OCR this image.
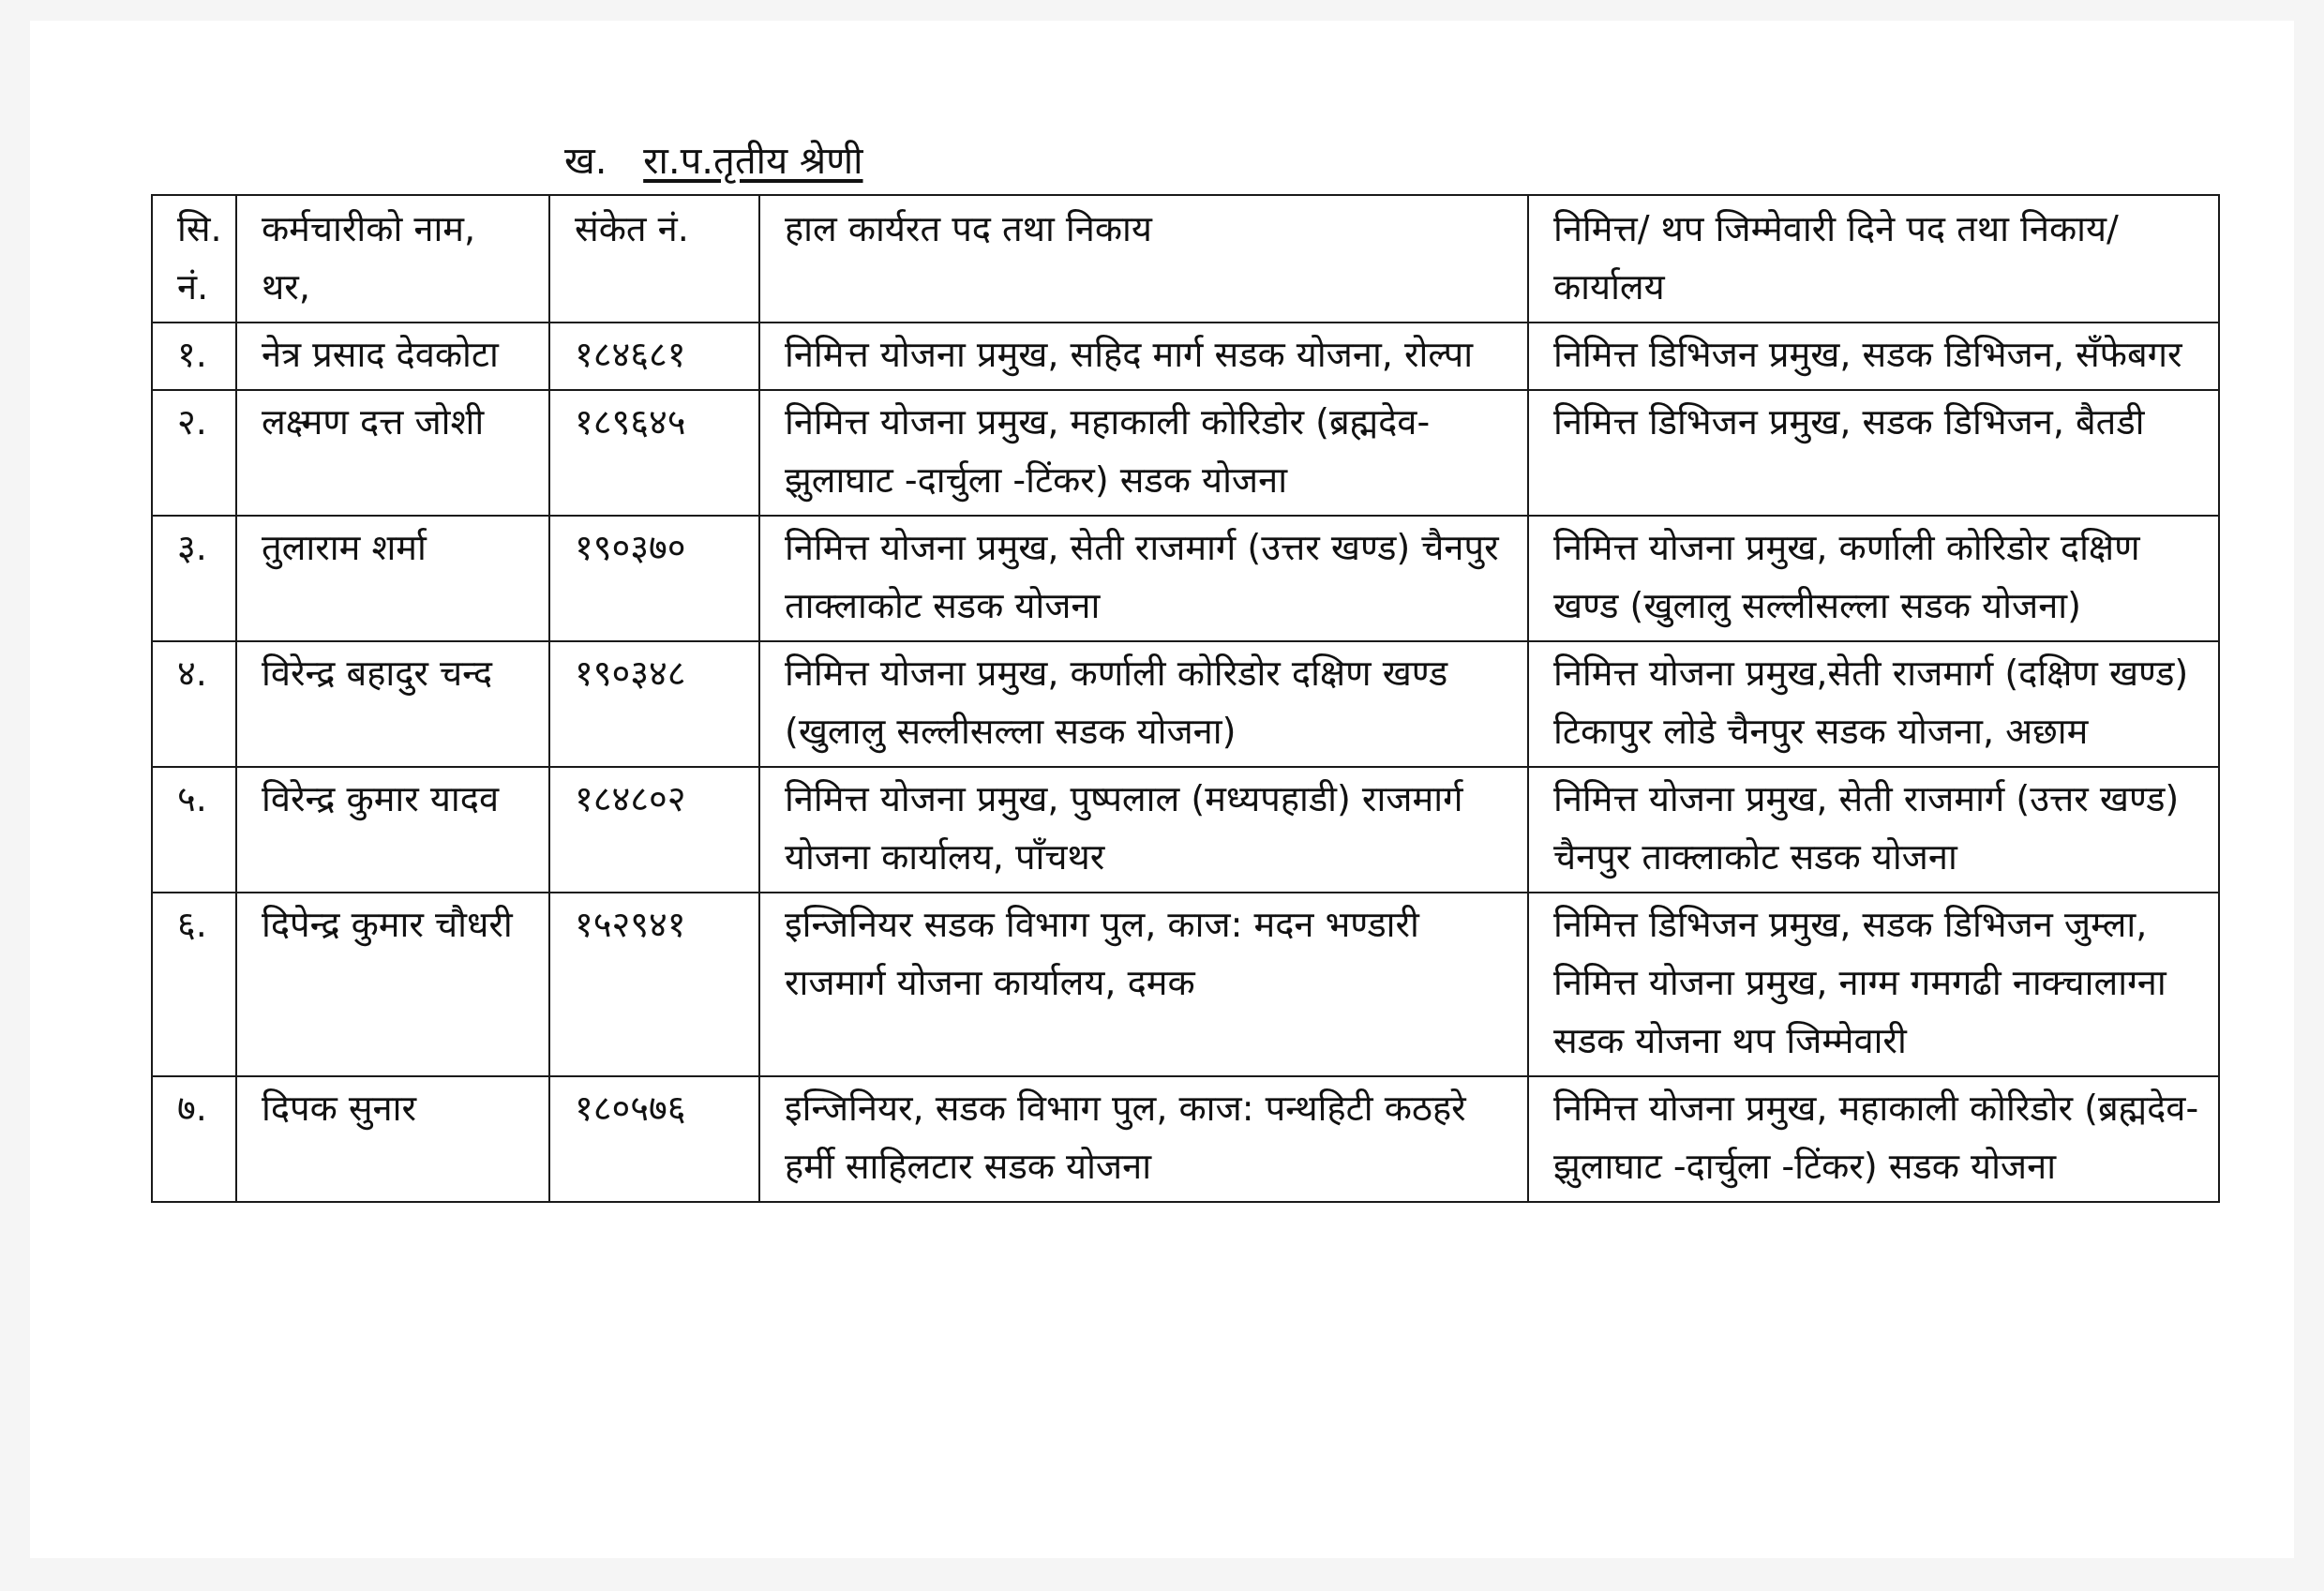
ख. रा.प.तृतीय श्रेणी
सि. नं.	कर्मचारीको नाम, थर,	संकेत नं.	हाल कार्यरत पद तथा निकाय	निमित्त/ थप जिम्मेवारी दिने पद तथा निकाय/कार्यालय
१.	नेत्र प्रसाद देवकोटा	१८४६८१	निमित्त योजना प्रमुख, सहिद मार्ग सडक योजना, रोल्पा	निमित्त डिभिजन प्रमुख, सडक डिभिजन, सँफेबगर
२.	लक्ष्मण दत्त जोशी	१८९६४५	निमित्त योजना प्रमुख, महाकाली कोरिडोर (ब्रह्मदेव- झुलाघाट -दार्चुला -टिंकर) सडक योजना	निमित्त डिभिजन प्रमुख, सडक डिभिजन, बैतडी
३.	तुलाराम शर्मा	१९०३७०	निमित्त योजना प्रमुख, सेती राजमार्ग (उत्तर खण्ड) चैनपुर ताक्लाकोट सडक योजना	निमित्त योजना प्रमुख, कर्णाली कोरिडोर दक्षिण खण्ड (खुलालु सल्लीसल्ला सडक योजना)
४.	विरेन्द्र बहादुर चन्द	१९०३४८	निमित्त योजना प्रमुख, कर्णाली कोरिडोर दक्षिण खण्ड (खुलालु सल्लीसल्ला सडक योजना)	निमित्त योजना प्रमुख,सेती राजमार्ग (दक्षिण खण्ड) टिकापुर लोडे चैनपुर सडक योजना, अछाम
५.	विरेन्द्र कुमार यादव	१८४८०२	निमित्त योजना प्रमुख, पुष्पलाल (मध्यपहाडी) राजमार्ग योजना कार्यालय, पाँचथर	निमित्त योजना प्रमुख, सेती राजमार्ग (उत्तर खण्ड) चैनपुर ताक्लाकोट सडक योजना
६.	दिपेन्द्र कुमार चौधरी	१५२९४१	इन्जिनियर सडक विभाग पुल, काज: मदन भण्डारी राजमार्ग योजना कार्यालय, दमक	निमित्त डिभिजन प्रमुख, सडक डिभिजन जुम्ला, निमित्त योजना प्रमुख, नाग्म गमगढी नाक्चालाग्ना सडक योजना थप जिम्मेवारी
७.	दिपक सुनार	१८०५७६	इन्जिनियर, सडक विभाग पुल, काज: पन्थहिटी कठहरे हर्मी साहिलटार सडक योजना	निमित्त योजना प्रमुख, महाकाली कोरिडोर (ब्रह्मदेव- झुलाघाट -दार्चुला -टिंकर) सडक योजना
